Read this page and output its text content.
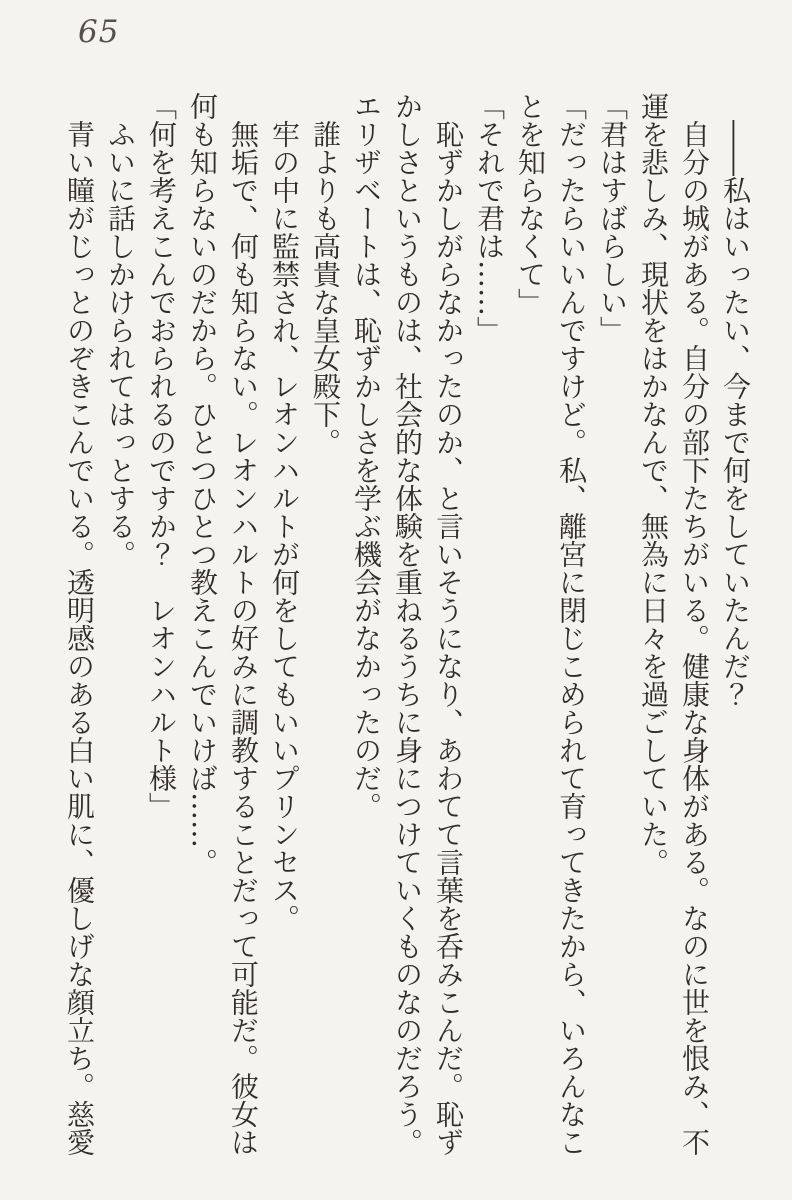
65

――私はいったい、今まで何をしていたんだ？

自分の城がある。自分の部下たちがいる。健康な身体がある。なのに世を恨み、不運を悲しみ、現状をはかなんで、無為に日々を過ごしていた。

「君はすばらしい」

「だったらいいんですけど。私、離宮に閉じこめられて育ってきたから、いろんなことを知らなくて」

「それで君は……」

恥ずかしがらなかったのか、と言いそうになり、あわてて言葉を呑みこんだ。恥ずかしさというものは、社会的な体験を重ねるうちに身につけていくものなのだろう。エリザベートは、恥ずかしさを学ぶ機会がなかったのだ。

誰よりも高貴な皇女殿下。

牢の中に監禁され、レオンハルトが何をしてもいいプリンセス。

無垢で、何も知らない。レオンハルトの好みに調教することだって可能だ。彼女は何も知らないのだから。ひとつひとつ教えこんでいけば……。

「何を考えこんでおられるのですか？　レオンハルト様」

ふいに話しかけられてはっとする。

青い瞳がじっとのぞきこんでいる。透明感のある白い肌に、優しげな顔立ち。慈愛
